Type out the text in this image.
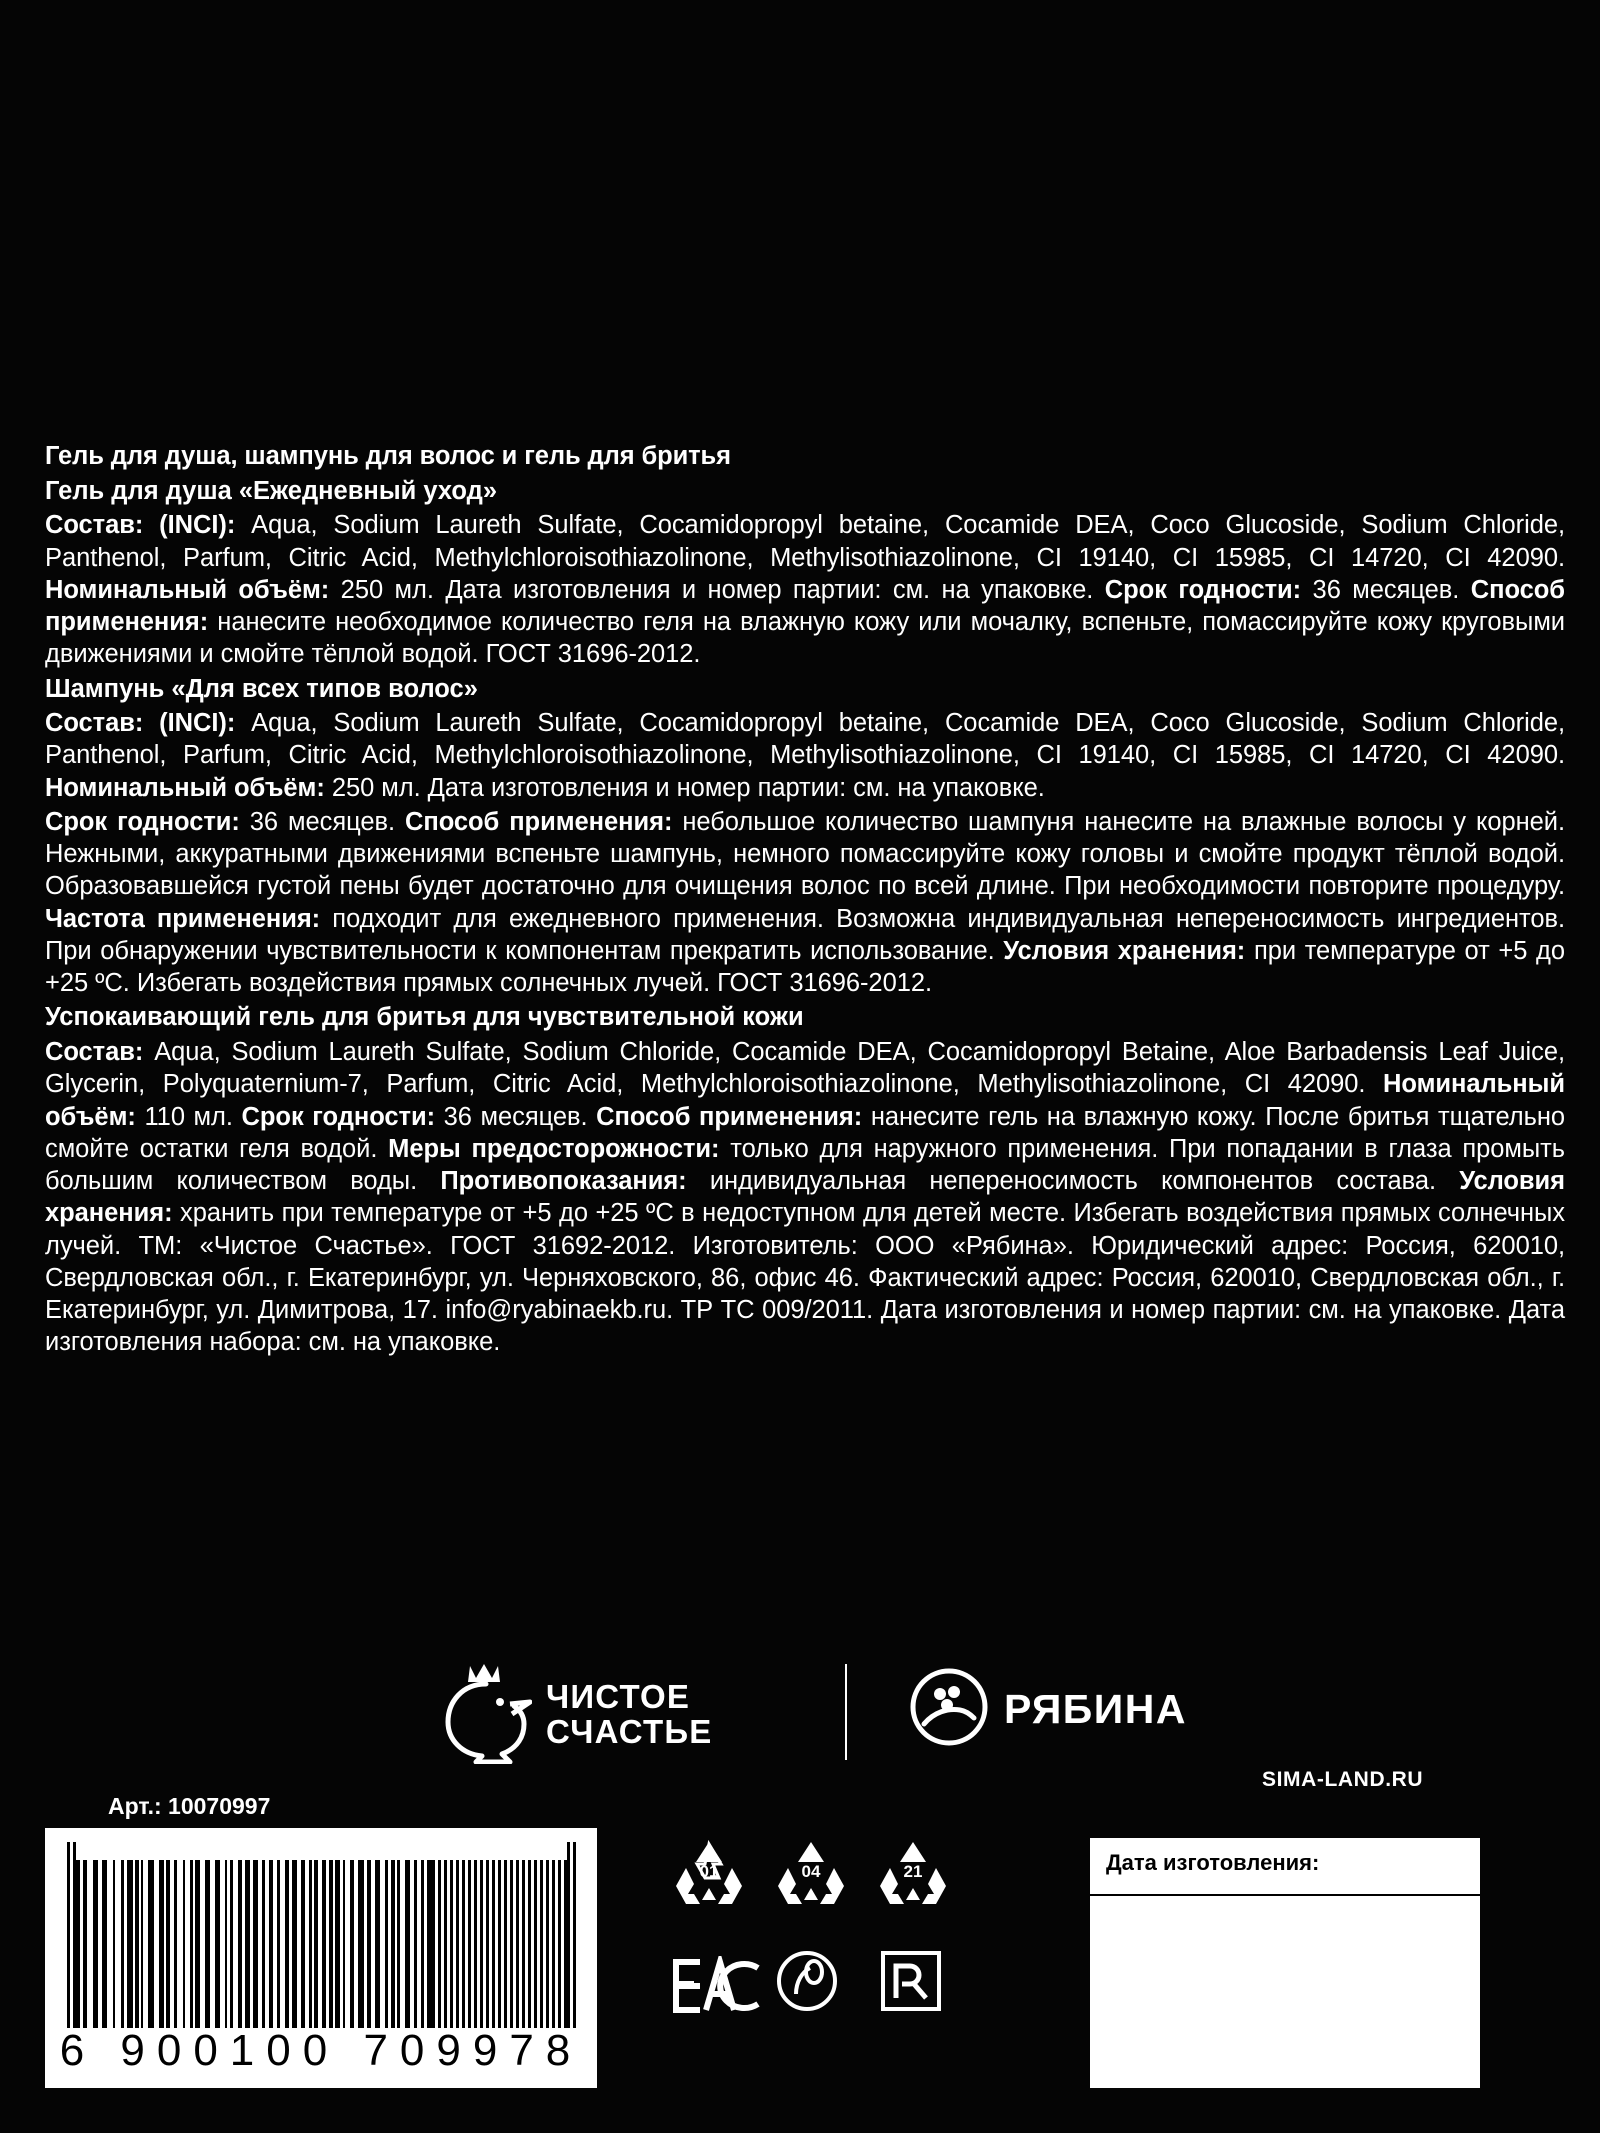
Гель для душа, шампунь для волос и гель для бритья
Гель для душа «Ежедневный уход»

Состав: (INCI): Aqua, Sodium Laureth Sulfate, Cocamidopropyl betaine, Cocamide DEA, Coco Glucoside, Sodium Chloride, Panthenol, Parfum, Citric Acid, Methylchloroisothiazolinone, Methylisothiazolinone, CI 19140, CI 15985, CI 14720, CI 42090. Номинальный объём: 250 мл. Дата изготовления и номер партии: см. на упаковке. Срок годности: 36 месяцев. Способ применения: нанесите необходимое количество геля на влажную кожу или мочалку, вспеньте, помассируйте кожу круговыми движениями и смойте тёплой водой. ГОСТ 31696-2012.

Шампунь «Для всех типов волос»

Состав: (INCI): Aqua, Sodium Laureth Sulfate, Cocamidopropyl betaine, Cocamide DEA, Coco Glucoside, Sodium Chloride, Panthenol, Parfum, Citric Acid, Methylchloroisothiazolinone, Methylisothiazolinone, CI 19140, CI 15985, CI 14720, CI 42090. Номинальный объём: 250 мл. Дата изготовления и номер партии: см. на упаковке.

Срок годности: 36 месяцев. Способ применения: небольшое количество шампуня нанесите на влажные волосы у корней. Нежными, аккуратными движениями вспеньте шампунь, немного помассируйте кожу головы и смойте продукт тёплой водой. Образовавшейся густой пены будет достаточно для очищения волос по всей длине. При необходимости повторите процедуру. Частота применения: подходит для ежедневного применения. Возможна индивидуальная непереносимость ингредиентов. При обнаружении чувствительности к компонентам прекратить использование. Условия хранения: при температуре от +5 до +25 ºС. Избегать воздействия прямых солнечных лучей. ГОСТ 31696-2012.

Успокаивающий гель для бритья для чувствительной кожи

Состав: Aqua, Sodium Laureth Sulfate, Sodium Chloride, Cocamide DEA, Cocamidopropyl Betaine, Aloe Barbadensis Leaf Juice, Glycerin, Polyquaternium-7, Parfum, Citric Acid, Methylchloroisothiazolinone, Methylisothiazolinone, CI 42090. Номинальный объём: 110 мл. Срок годности: 36 месяцев. Способ применения: нанесите гель на влажную кожу. После бритья тщательно смойте остатки геля водой. Меры предосторожности: только для наружного применения. При попадании в глаза промыть большим количеством воды. Противопоказания: индивидуальная непереносимость компонентов состава. Условия хранения: хранить при температуре от +5 до +25 ºС в недоступном для детей месте. Избегать воздействия прямых солнечных лучей. ТМ: «Чистое Счастье». ГОСТ 31692-2012. Изготовитель: ООО «Рябина». Юридический адрес: Россия, 620010, Свердловская обл., г. Екатеринбург, ул. Черняховского, 86, офис 46. Фактический адрес: Россия, 620010, Свердловская обл., г. Екатеринбург, ул. Димитрова, 17. info@ryabinaekb.ru. ТР ТС 009/2011. Дата изготовления и номер партии: см. на упаковке. Дата изготовления набора: см. на упаковке.

ЧИСТОЕ
СЧАСТЬЕ	РЯБИНА
SIMA-LAND.RU
Арт.: 10070997
6 900100 709978
01	04	21	Дата изготовления:
